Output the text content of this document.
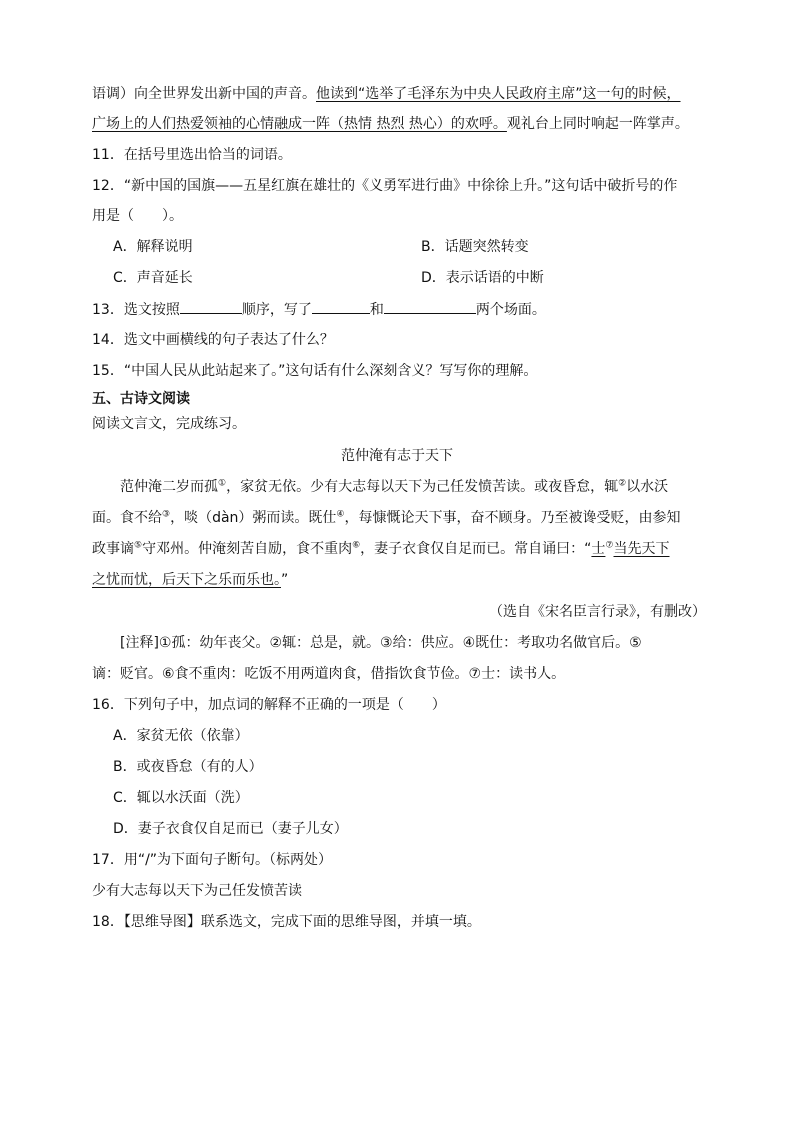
语调）向全世界发出新中国的声音。他读到“选举了毛泽东为中央人民政府主席”这一句的时候，
广场上的人们热爱领袖的心情融成一阵（热情 热烈 热心）的欢呼。观礼台上同时响起一阵掌声。
11．在括号里选出恰当的词语。
12．“新中国的国旗——五星红旗在雄壮的《义勇军进行曲》中徐徐上升。”这句话中破折号的作
用是（　　）。
A．解释说明	B．话题突然转变
C．声音延长	D．表示话语的中断
13．选文按照	顺序，写了	和	两个场面。
14．选文中画横线的句子表达了什么？
15．“中国人民从此站起来了。”这句话有什么深刻含义？写写你的理解。
五、古诗文阅读
阅读文言文，完成练习。
范仲淹有志于天下
范仲淹二岁而孤①，家贫无依。少有大志每以天下为己任发愤苦读。或夜昏怠，辄②以水沃
面。食不给③，啖（dàn）粥而读。既仕④，每慷慨论天下事，奋不顾身。乃至被谗受贬，由参知
政事谪⑤守邓州。仲淹刻苦自励，食不重肉⑥，妻子衣食仅自足而已。常自诵曰：“士⑦当先天下
之忧而忧，后天下之乐而乐也。”
（选自《宋名臣言行录》，有删改）
[注释]①孤：幼年丧父。②辄：总是，就。③给：供应。④既仕：考取功名做官后。⑤
谪：贬官。⑥食不重肉：吃饭不用两道肉食，借指饮食节俭。⑦士：读书人。
16．下列句子中，加点词的解释不正确的一项是（　　）
A．家贫无依（依靠）
B．或夜昏怠（有的人）
C．辄以水沃面（洗）
D．妻子衣食仅自足而已（妻子儿女）
17．用“/”为下面句子断句。（标两处）
少有大志每以天下为己任发愤苦读
18．【思维导图】联系选文，完成下面的思维导图，并填一填。
